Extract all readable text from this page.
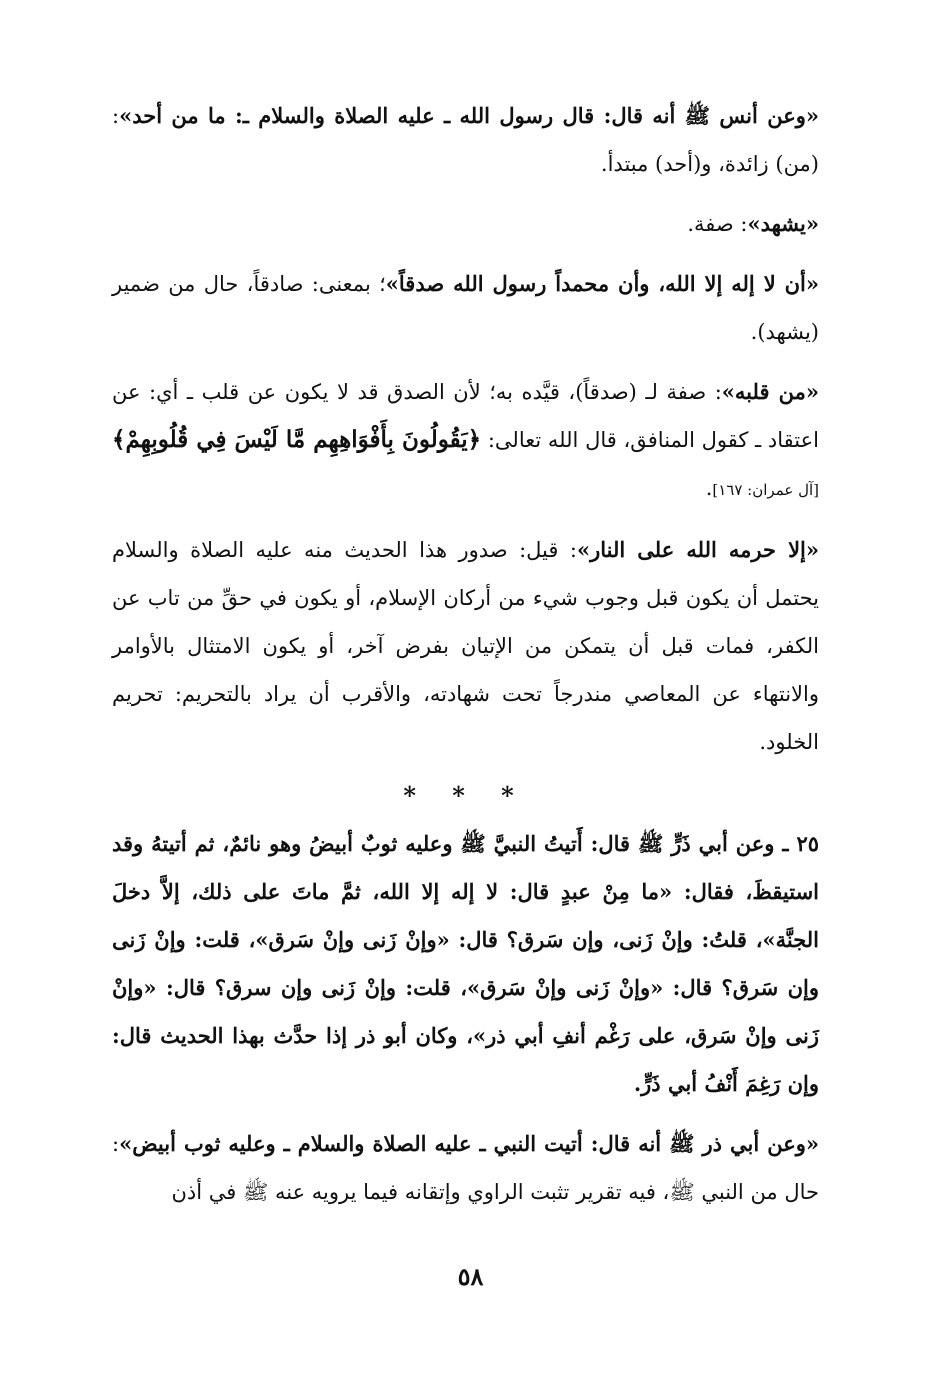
«وعن أنس ﷺ أنه قال: قال رسول الله ـ عليه الصلاة والسلام ـ: ما من أحد»: (من) زائدة، و(أحد) مبتدأ.

«يشهد»: صفة.

«أن لا إله إلا الله، وأن محمداً رسول الله صدقاً»؛ بمعنى: صادقاً، حال من ضمير (يشهد).

«من قلبه»: صفة لـ (صدقاً)، قيَّده به؛ لأن الصدق قد لا يكون عن قلب ـ أي: عن اعتقاد ـ كقول المنافق، قال الله تعالى: ﴿يَقُولُونَ بِأَفْوَاهِهِم مَّا لَيْسَ فِي قُلُوبِهِمْ﴾[آل عمران: ١٦٧].

«إلا حرمه الله على النار»: قيل: صدور هذا الحديث منه عليه الصلاة والسلام يحتمل أن يكون قبل وجوب شيء من أركان الإسلام، أو يكون في حقِّ من تاب عن الكفر، فمات قبل أن يتمكن من الإتيان بفرض آخر، أو يكون الامتثال بالأوامر والانتهاء عن المعاصي مندرجاً تحت شهادته، والأقرب أن يراد بالتحريم: تحريم الخلود.

* * *

٢٥ ـ وعن أبي ذَرٍّ ﷺ قال: أَتيتُ النبيَّ ﷺ وعليه ثوبٌ أبيضُ وهو نائمٌ، ثم أتيتهُ وقد استيقظَ، فقال: «ما مِنْ عبدٍ قال: لا إله إلا الله، ثمَّ ماتَ على ذلك، إلاَّ دخلَ الجنَّة»، قلتُ: وإنْ زَنى، وإن سَرق؟ قال: «وإنْ زَنى وإنْ سَرق»، قلت: وإنْ زَنى وإن سَرق؟ قال: «وإنْ زَنى وإنْ سَرق»، قلت: وإنْ زَنى وإن سرق؟ قال: «وإنْ زَنى وإنْ سَرق، على رَغْم أنفِ أبي ذر»، وكان أبو ذر إذا حدَّث بهذا الحديث قال: وإن رَغِمَ أَنْفُ أبي ذَرٍّ.

«وعن أبي ذر ﷺ أنه قال: أتيت النبي ـ عليه الصلاة والسلام ـ وعليه ثوب أبيض»: حال من النبي ﷺ، فيه تقرير تثبت الراوي وإتقانه فيما يرويه عنه ﷺ في أذن

٥٨
